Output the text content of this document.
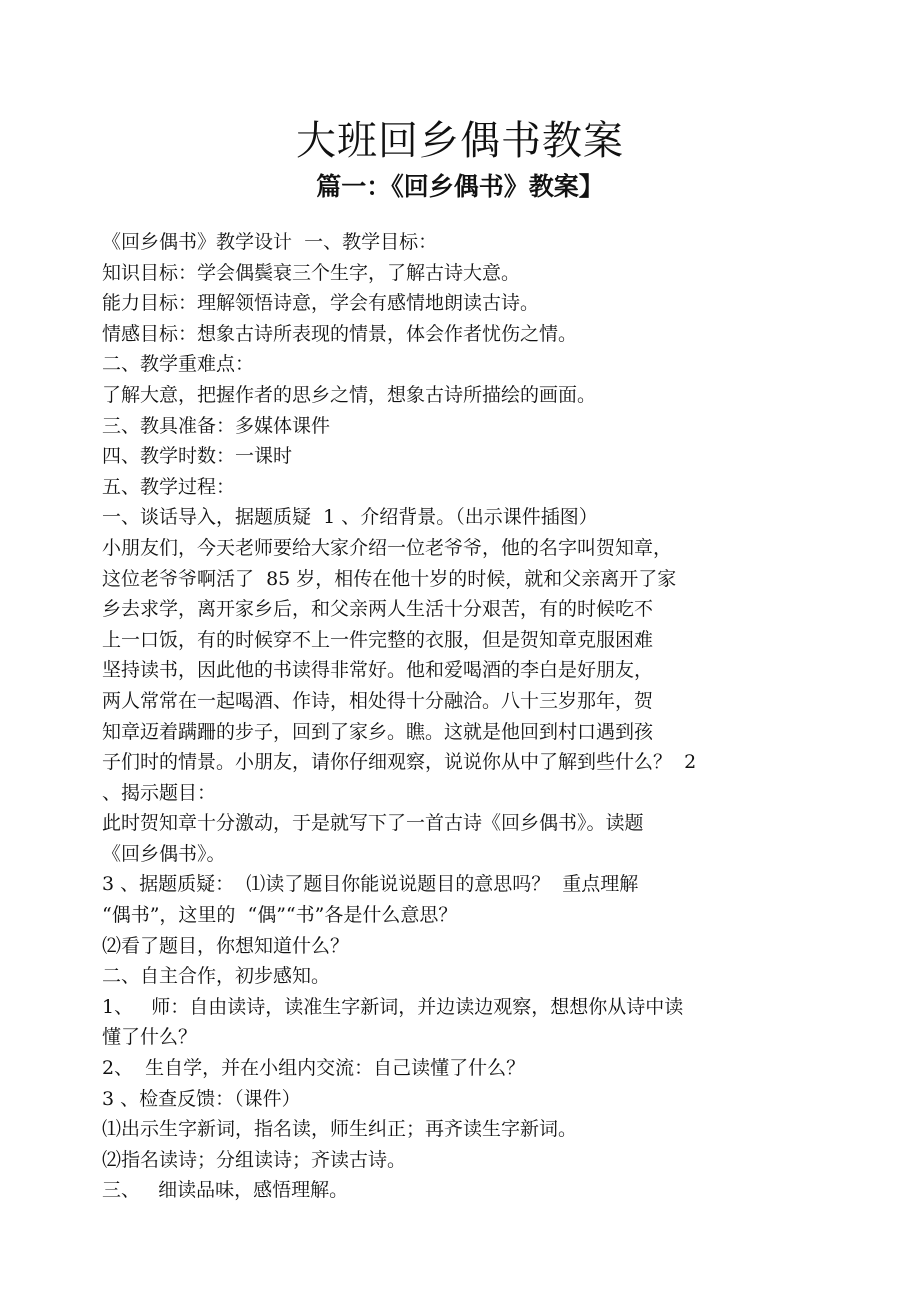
大班回乡偶书教案
篇一：《回乡偶书》教案】
《回乡偶书》教学设计  一、教学目标：
知识目标：学会偶鬓衰三个生字，了解古诗大意。
能力目标：理解领悟诗意，学会有感情地朗读古诗。
情感目标：想象古诗所表现的情景，体会作者忧伤之情。
二、教学重难点：
了解大意，把握作者的思乡之情，想象古诗所描绘的画面。
三、教具准备：多媒体课件
四、教学时数：一课时
五、教学过程：
一、谈话导入，据题质疑  1 、介绍背景。（出示课件插图）
小朋友们，今天老师要给大家介绍一位老爷爷，他的名字叫贺知章，
这位老爷爷啊活了  85 岁，相传在他十岁的时候，就和父亲离开了家
乡去求学，离开家乡后，和父亲两人生活十分艰苦，有的时候吃不
上一口饭，有的时候穿不上一件完整的衣服，但是贺知章克服困难
坚持读书，因此他的书读得非常好。他和爱喝酒的李白是好朋友，
两人常常在一起喝酒、作诗，相处得十分融洽。八十三岁那年，贺
知章迈着蹒跚的步子，回到了家乡。瞧。这就是他回到村口遇到孩
子们时的情景。小朋友，请你仔细观察，说说你从中了解到些什么？  2
、揭示题目：
此时贺知章十分激动，于是就写下了一首古诗《回乡偶书》。读题
《回乡偶书》。
3 、据题质疑：  ⑴读了题目你能说说题目的意思吗？  重点理解
“偶书”，这里的  “偶”“书”各是什么意思？
⑵看了题目，你想知道什么？
二、自主合作，初步感知。
1、   师：自由读诗，读准生字新词，并边读边观察，想想你从诗中读
懂了什么？
2、  生自学，并在小组内交流：自己读懂了什么？
3 、检查反馈：（课件）
⑴出示生字新词，指名读，师生纠正；再齐读生字新词。
⑵指名读诗；分组读诗；齐读古诗。
三、   细读品味，感悟理解。
